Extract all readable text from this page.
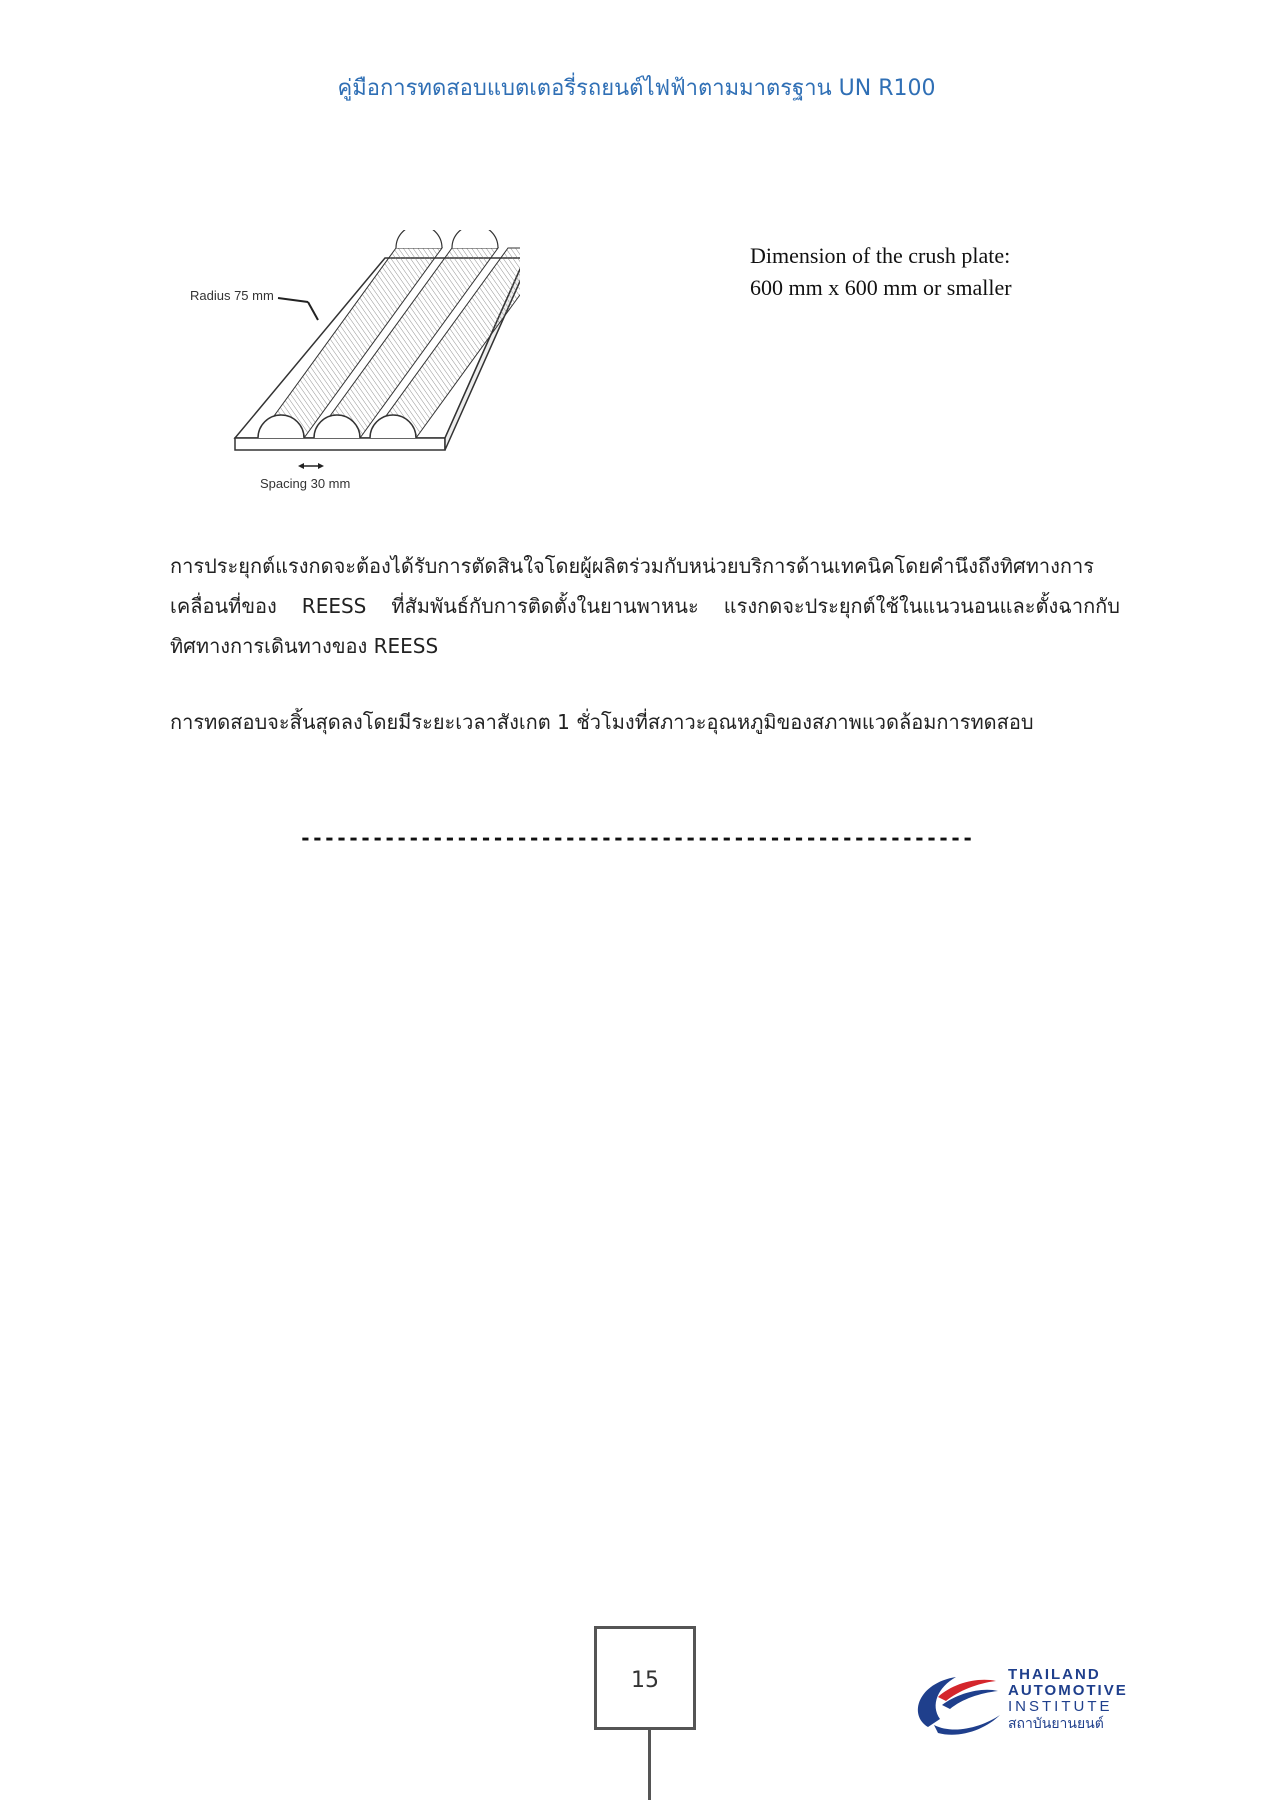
คู่มือการทดสอบแบตเตอรี่รถยนต์ไฟฟ้าตามมาตรฐาน UN R100
Radius 75 mm
Spacing 30 mm
Dimension of the crush plate:
600 mm x 600 mm or smaller
การประยุกต์แรงกดจะต้องได้รับการตัดสินใจโดยผู้ผลิตร่วมกับหน่วยบริการด้านเทคนิคโดยคำนึงถึงทิศทางการเคลื่อนที่ของ REESS ที่สัมพันธ์กับการติดตั้งในยานพาหนะ แรงกดจะประยุกต์ใช้ในแนวนอนและตั้งฉากกับทิศทางการเดินทางของ REESS
การทดสอบจะสิ้นสุดลงโดยมีระยะเวลาสังเกต 1 ชั่วโมงที่สภาวะอุณหภูมิของสภาพแวดล้อมการทดสอบ
--------------------------------------------------------
15	THAILAND
AUTOMOTIVE
INSTITUTE
สถาบันยานยนต์
